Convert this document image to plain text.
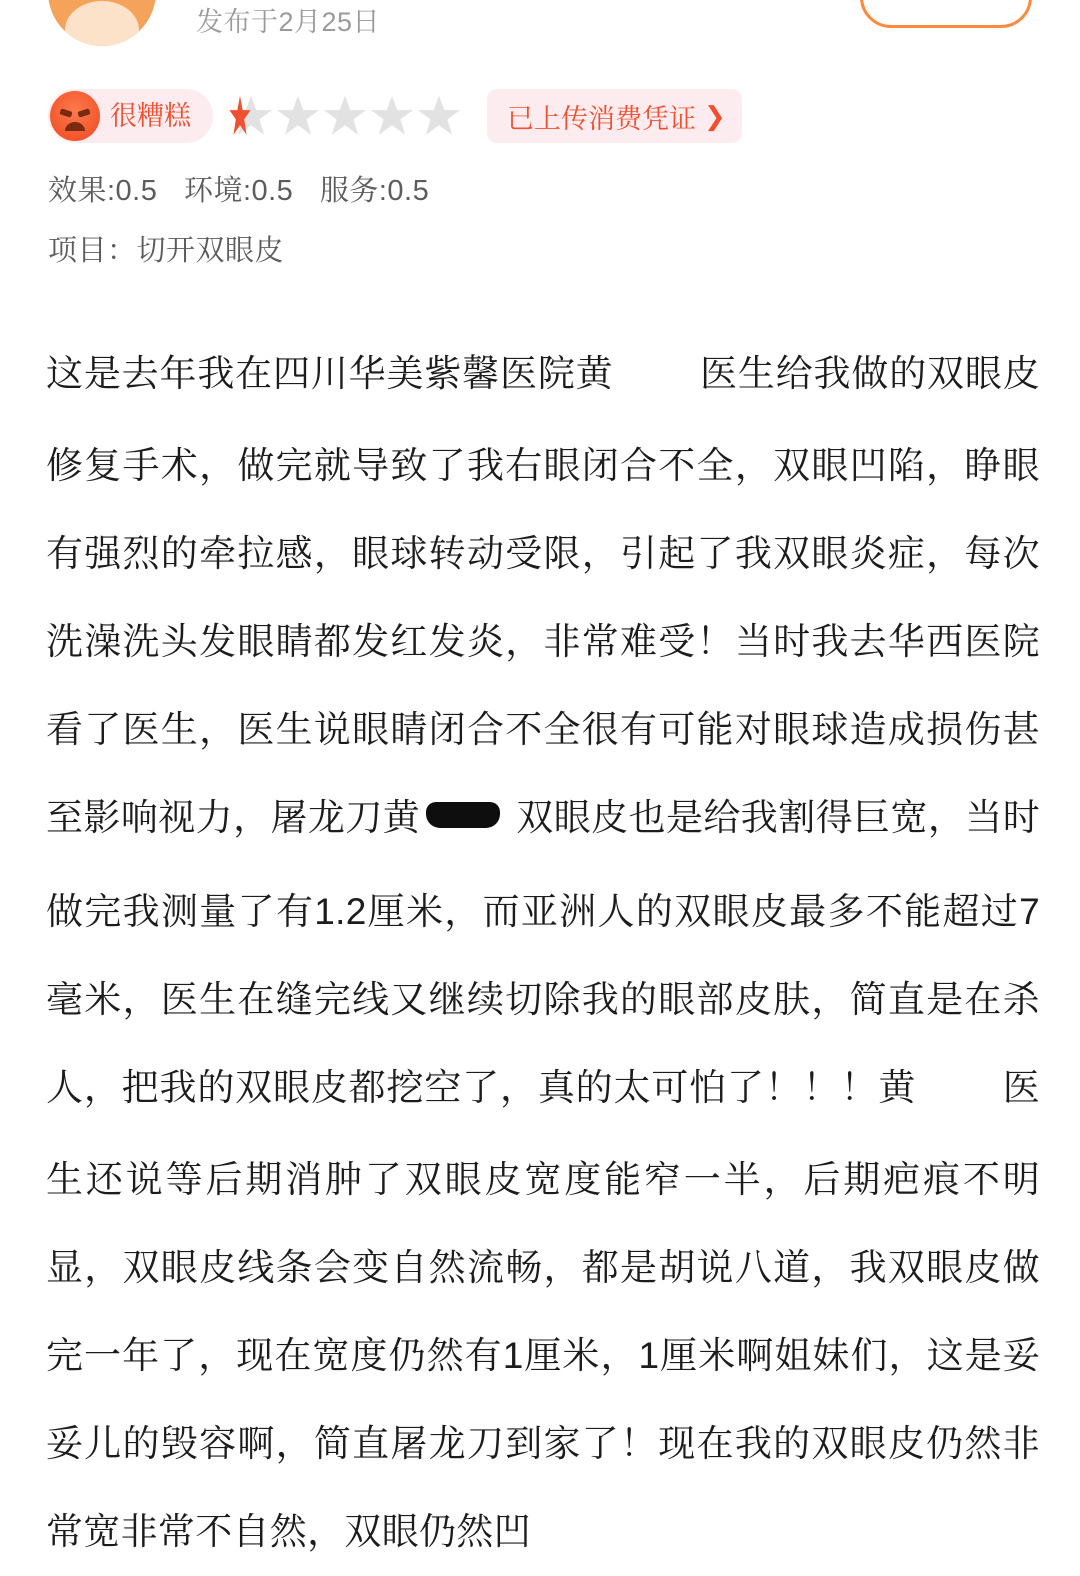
发布于2月25日
很糟糕	已上传消费凭证 ❯
效果:0.5 环境:0.5 服务:0.5
项目：切开双眼皮
这是去年我在四川华美紫馨医院黄 医生给我做的双眼皮修复手术，做完就导致了我右眼闭合不全，双眼凹陷，睁眼有强烈的牵拉感，眼球转动受限，引起了我双眼炎症，每次洗澡洗头发眼睛都发红发炎，非常难受！当时我去华西医院看了医生，医生说眼睛闭合不全很有可能对眼球造成损伤甚至影响视力，屠龙刀黄	双眼皮也是给我割得巨宽，当时做完我测量了有1.2厘米，而亚洲人的双眼皮最多不能超过7毫米，医生在缝完线又继续切除我的眼部皮肤，简直是在杀人，把我的双眼皮都挖空了，真的太可怕了！！！黄 医生还说等后期消肿了双眼皮宽度能窄一半，后期疤痕不明显，双眼皮线条会变自然流畅，都是胡说八道，我双眼皮做完一年了，现在宽度仍然有1厘米，1厘米啊姐妹们，这是妥妥儿的毁容啊，简直屠龙刀到家了！现在我的双眼皮仍然非常宽非常不自然，双眼仍然凹
